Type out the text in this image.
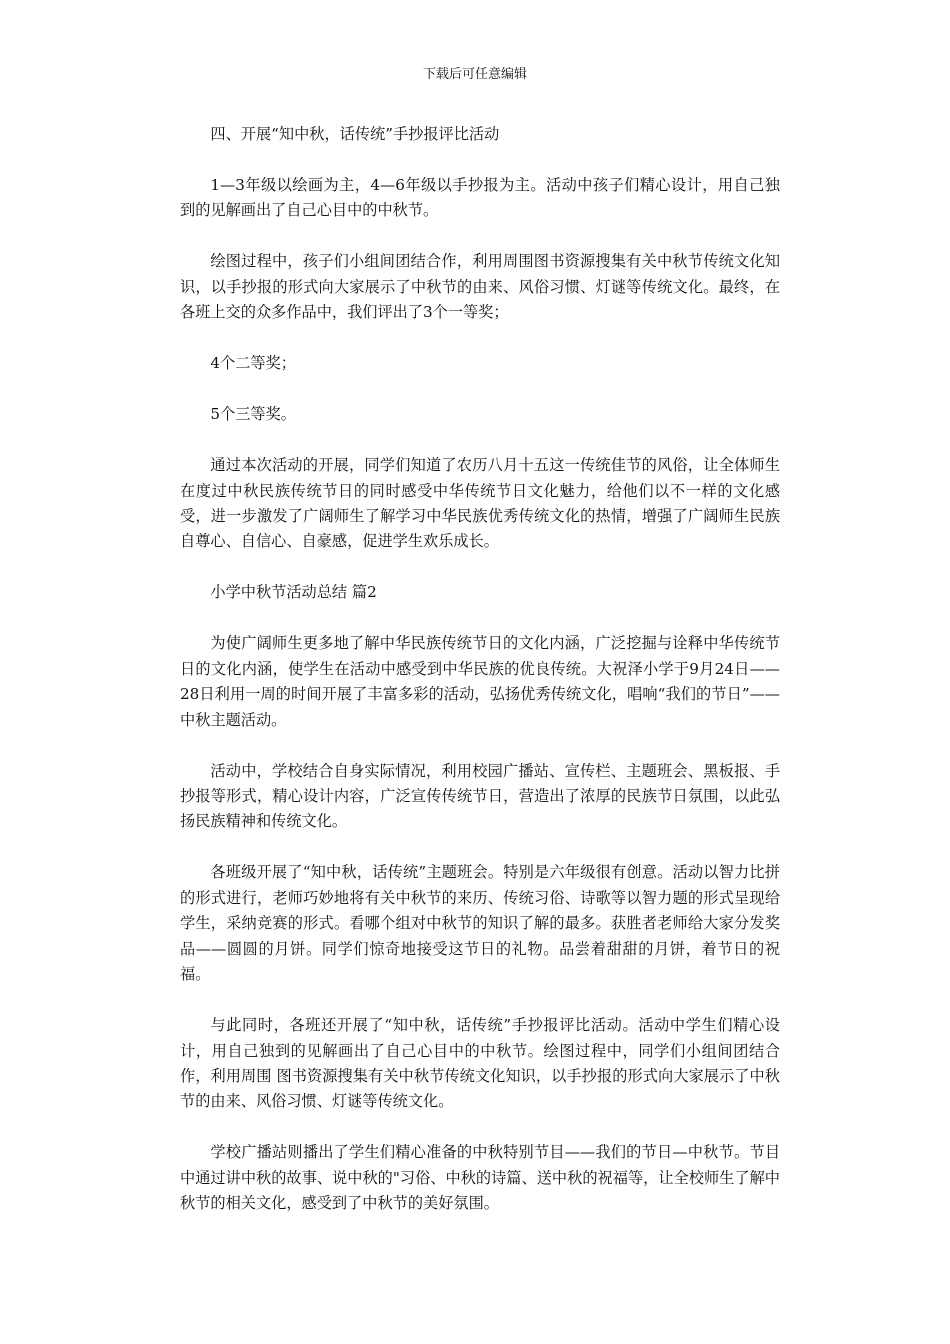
下载后可任意编辑

四、开展“知中秋，话传统”手抄报评比活动

1—3年级以绘画为主，4—6年级以手抄报为主。活动中孩子们精心设计，用自己独到的见解画出了自己心目中的中秋节。

绘图过程中，孩子们小组间团结合作，利用周围图书资源搜集有关中秋节传统文化知识，以手抄报的形式向大家展示了中秋节的由来、风俗习惯、灯谜等传统文化。最终，在各班上交的众多作品中，我们评出了3个一等奖；

4个二等奖；

5个三等奖。

通过本次活动的开展，同学们知道了农历八月十五这一传统佳节的风俗，让全体师生在度过中秋民族传统节日的同时感受中华传统节日文化魅力，给他们以不一样的文化感受，进一步激发了广阔师生了解学习中华民族优秀传统文化的热情，增强了广阔师生民族自尊心、自信心、自豪感，促进学生欢乐成长。

小学中秋节活动总结 篇2

为使广阔师生更多地了解中华民族传统节日的文化内涵，广泛挖掘与诠释中华传统节日的文化内涵，使学生在活动中感受到中华民族的优良传统。大祝泽小学于9月24日——28日利用一周的时间开展了丰富多彩的活动，弘扬优秀传统文化，唱响“我们的节日”——中秋主题活动。

活动中，学校结合自身实际情况，利用校园广播站、宣传栏、主题班会、黑板报、手抄报等形式，精心设计内容，广泛宣传传统节日，营造出了浓厚的民族节日氛围，以此弘扬民族精神和传统文化。

各班级开展了“知中秋，话传统”主题班会。特别是六年级很有创意。活动以智力比拼的形式进行，老师巧妙地将有关中秋节的来历、传统习俗、诗歌等以智力题的形式呈现给学生，采纳竞赛的形式。看哪个组对中秋节的知识了解的最多。获胜者老师给大家分发奖品——圆圆的月饼。同学们惊奇地接受这节日的礼物。品尝着甜甜的月饼，着节日的祝福。

与此同时，各班还开展了“知中秋，话传统”手抄报评比活动。活动中学生们精心设计，用自己独到的见解画出了自己心目中的中秋节。绘图过程中，同学们小组间团结合作，利用周围 图书资源搜集有关中秋节传统文化知识，以手抄报的形式向大家展示了中秋节的由来、风俗习惯、灯谜等传统文化。

学校广播站则播出了学生们精心准备的中秋特别节目——我们的节日—中秋节。节目中通过讲中秋的故事、说中秋的"习俗、中秋的诗篇、送中秋的祝福等，让全校师生了解中秋节的相关文化，感受到了中秋节的美好氛围。
